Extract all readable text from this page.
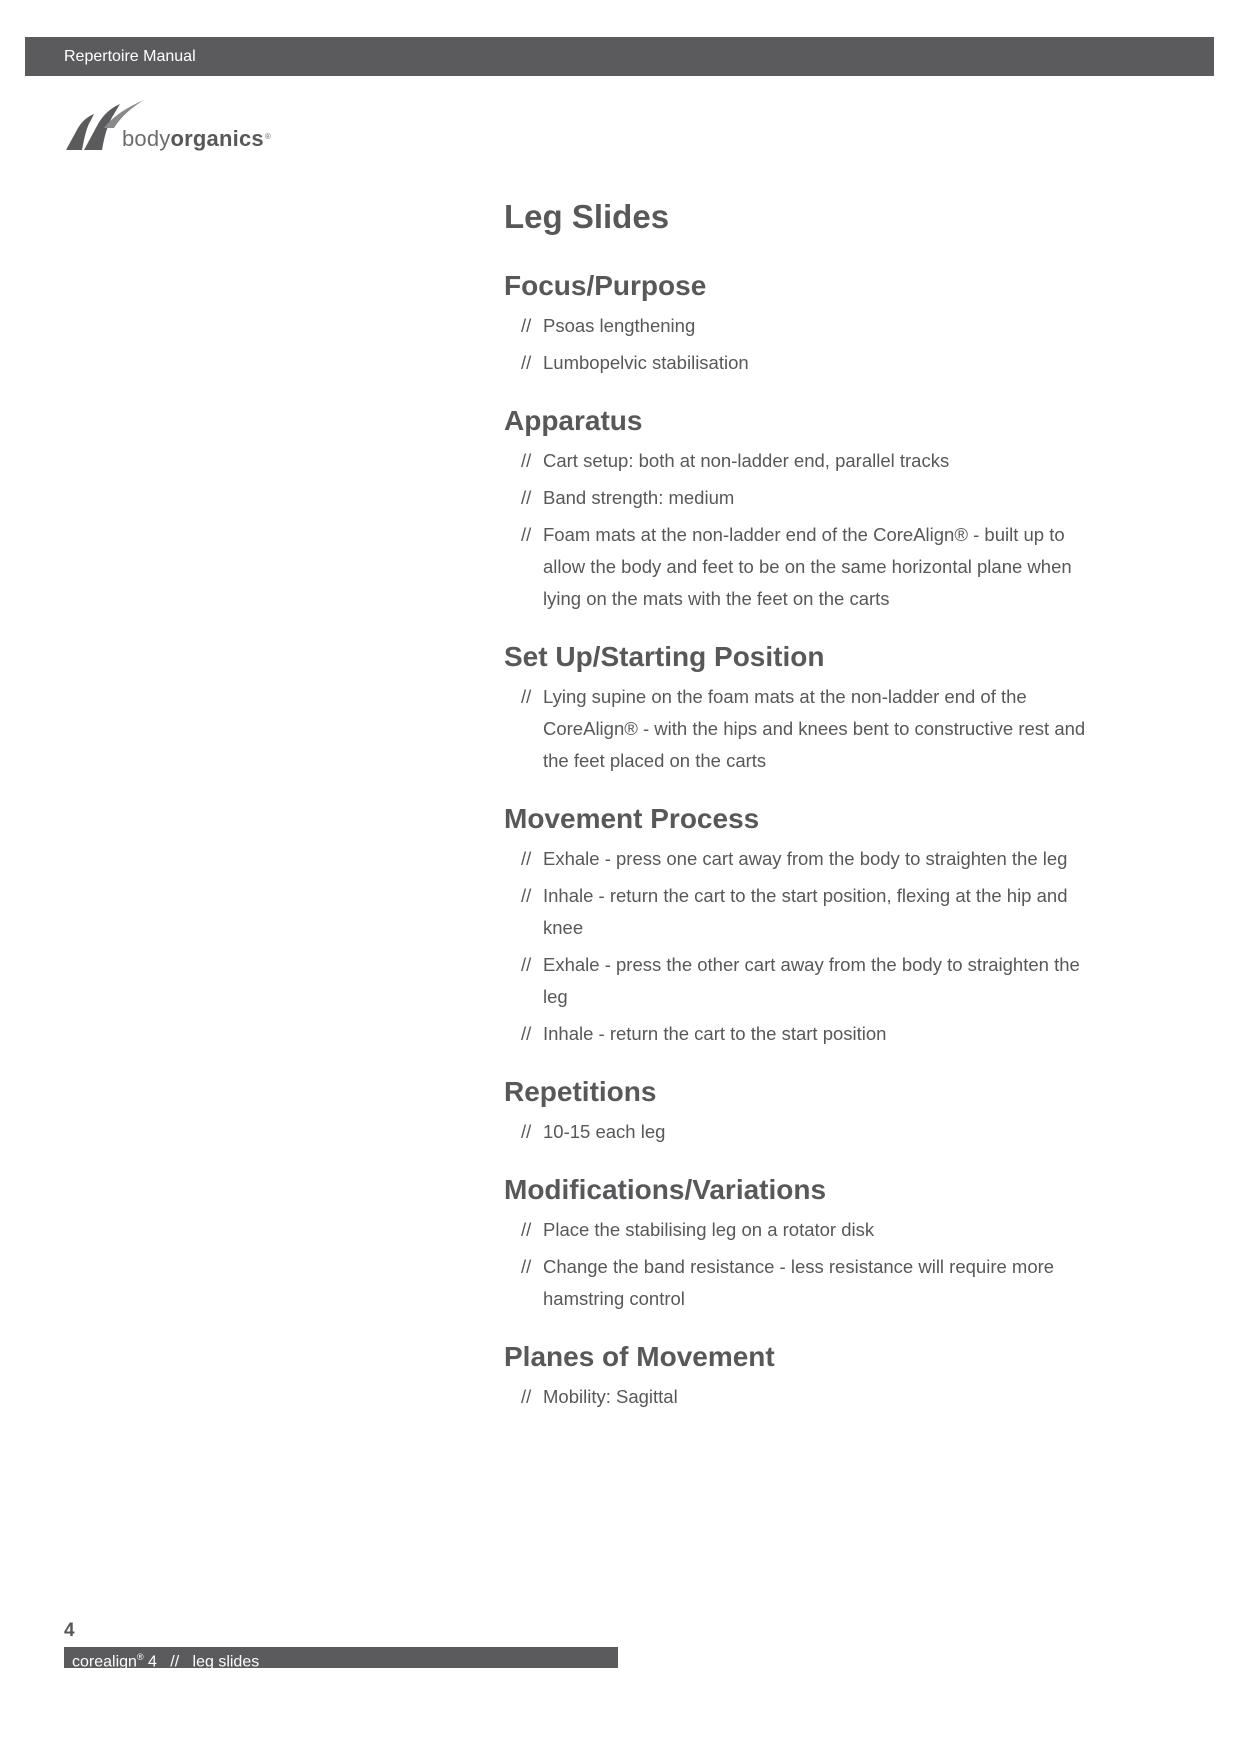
Repertoire Manual
bodyorganics®
Leg Slides
Focus/Purpose
// Psoas lengthening
// Lumbopelvic stabilisation
Apparatus
// Cart setup: both at non-ladder end, parallel tracks
// Band strength: medium
// Foam mats at the non-ladder end of the CoreAlign® - built up to allow the body and feet to be on the same horizontal plane when lying on the mats with the feet on the carts
Set Up/Starting Position
// Lying supine on the foam mats at the non-ladder end of the CoreAlign® - with the hips and knees bent to constructive rest and the feet placed on the carts
Movement Process
// Exhale - press one cart away from the body to straighten the leg
// Inhale - return the cart to the start position, flexing at the hip and knee
// Exhale - press the other cart away from the body to straighten the leg
// Inhale - return the cart to the start position
Repetitions
// 10-15 each leg
Modifications/Variations
// Place the stabilising leg on a rotator disk
// Change the band resistance - less resistance will require more hamstring control
Planes of Movement
// Mobility: Sagittal
4
corealign® 4 // leg slides
